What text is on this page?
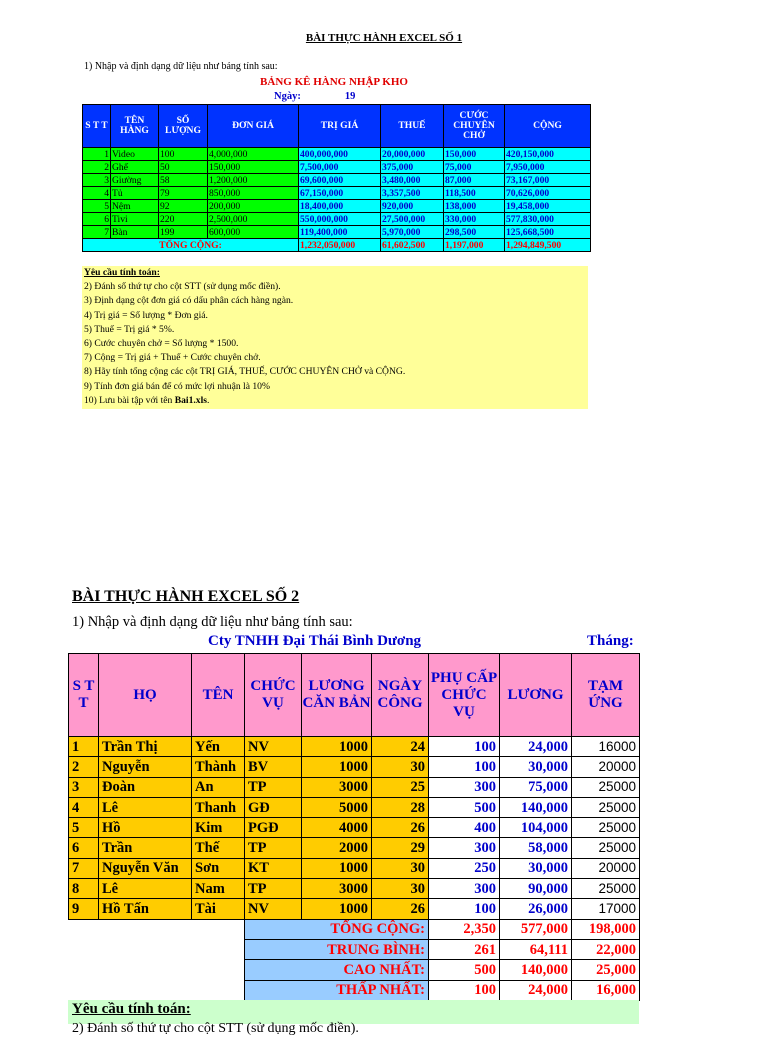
BÀI THỰC HÀNH EXCEL SỐ 1
1) Nhập và định dạng dữ liệu như bảng tính sau:
BẢNG KÊ HÀNG NHẬP KHO
Ngày:	19
S T T	TÊN HÀNG	SỐ LƯỢNG	ĐƠN GIÁ	TRỊ GIÁ	THUẾ	CƯỚC CHUYÊN CHỞ	CỘNG
1	Video	100	4,000,000	400,000,000	20,000,000	150,000	420,150,000
2	Ghế	50	150,000	7,500,000	375,000	75,000	7,950,000
3	Giường	58	1,200,000	69,600,000	3,480,000	87,000	73,167,000
4	Tủ	79	850,000	67,150,000	3,357,500	118,500	70,626,000
5	Nệm	92	200,000	18,400,000	920,000	138,000	19,458,000
6	Tivi	220	2,500,000	550,000,000	27,500,000	330,000	577,830,000
7	Bàn	199	600,000	119,400,000	5,970,000	298,500	125,668,500
TỔNG CỘNG:				1,232,050,000	61,602,500	1,197,000	1,294,849,500
Yêu cầu tính toán:
2) Đánh số thứ tự cho cột STT (sử dụng mốc điền).
3) Định dạng cột đơn giá có dấu phân cách hàng ngàn.
4) Trị giá = Số lượng * Đơn giá.
5) Thuế = Trị giá * 5%.
6) Cước chuyên chở = Số lượng * 1500.
7) Cộng = Trị giá + Thuế + Cước chuyên chở.
8) Hãy tính tổng cộng các cột TRỊ GIÁ, THUẾ, CƯỚC CHUYÊN CHỞ và CỘNG.
9) Tính đơn giá bán để có mức lợi nhuận là 10%
10) Lưu bài tập với tên Bai1.xls.
BÀI THỰC HÀNH EXCEL SỐ 2
1) Nhập và định dạng dữ liệu như bảng tính sau:
Cty TNHH Đại Thái Bình Dương	Tháng:
S T T	HỌ	TÊN	CHỨC VỤ	LƯƠNG CĂN BẢN	NGÀY CÔNG	PHỤ CẤP CHỨC VỤ	LƯƠNG	TẠM ỨNG
1	Trần Thị	Yến	NV	1000	24	100	24,000	16000
2	Nguyễn	Thành	BV	1000	30	100	30,000	20000
3	Đoàn	An	TP	3000	25	300	75,000	25000
4	Lê	Thanh	GĐ	5000	28	500	140,000	25000
5	Hồ	Kim	PGĐ	4000	26	400	104,000	25000
6	Trần	Thế	TP	2000	29	300	58,000	25000
7	Nguyễn Văn	Sơn	KT	1000	30	250	30,000	20000
8	Lê	Nam	TP	3000	30	300	90,000	25000
9	Hồ Tấn	Tài	NV	1000	26	100	26,000	17000
			TỔNG CỘNG:			2,350	577,000	198,000
			TRUNG BÌNH:			261	64,111	22,000
			CAO NHẤT:			500	140,000	25,000
			THẤP NHẤT:			100	24,000	16,000
Yêu cầu tính toán:
2) Đánh số thứ tự cho cột STT (sử dụng mốc điền).
